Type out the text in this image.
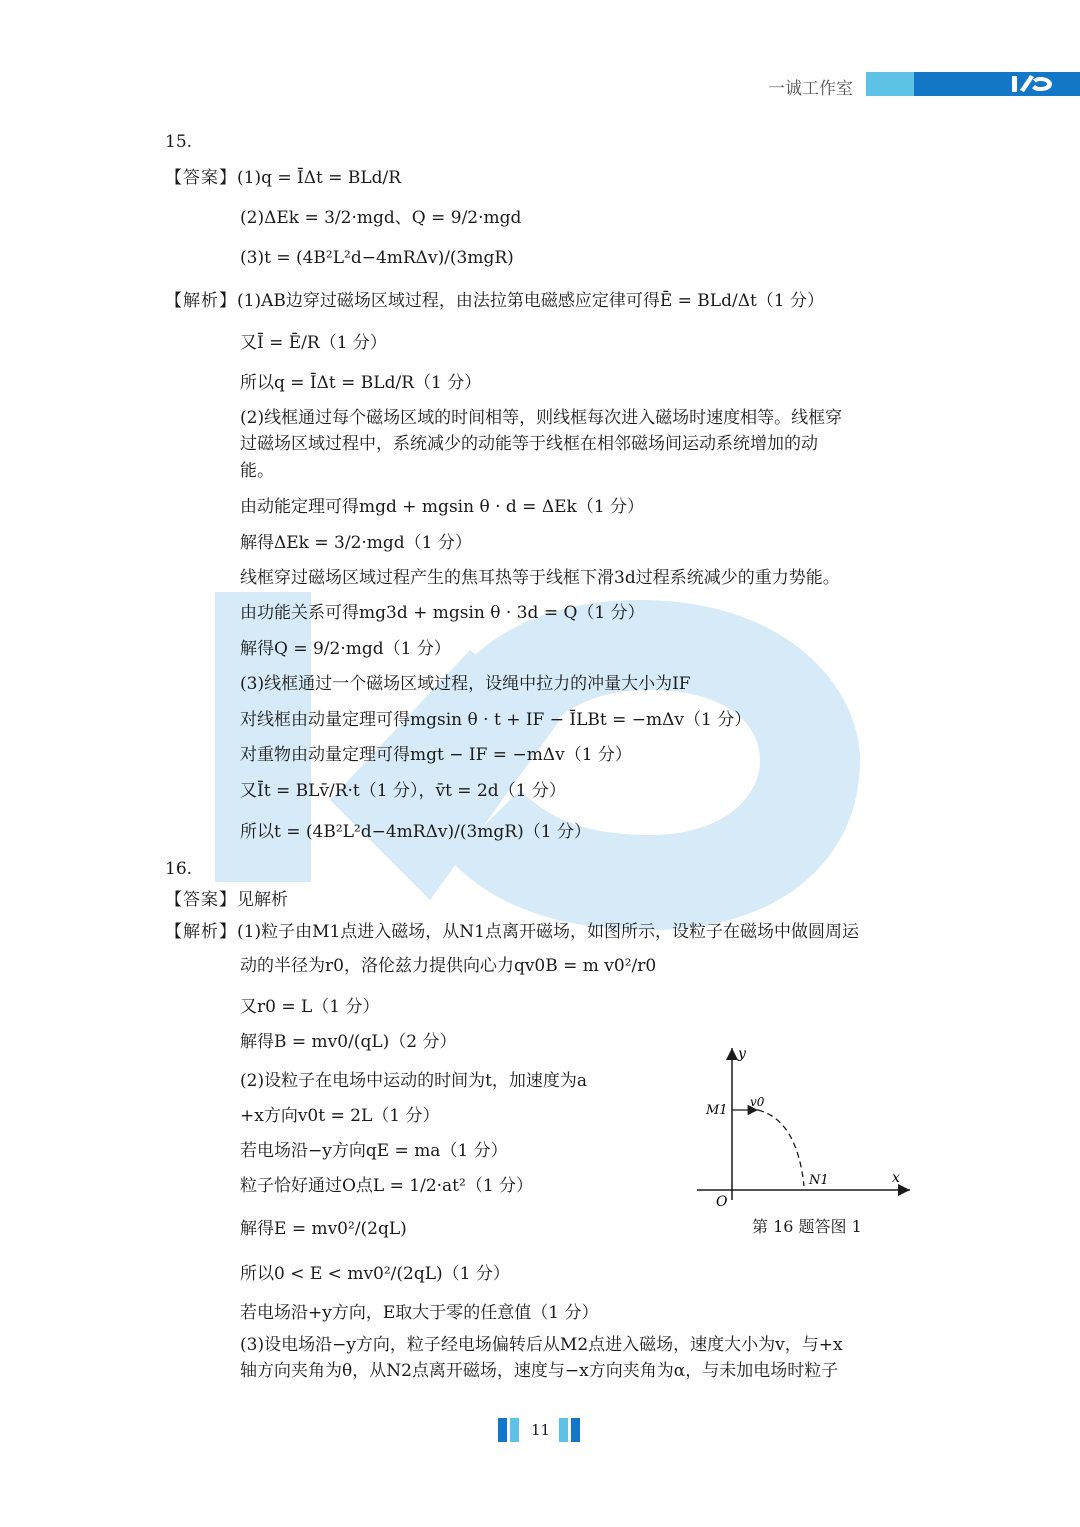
一诚工作室
15.
【答案】(1)q = ĪΔt = BLd/R
(2)ΔEk = 3/2·mgd、Q = 9/2·mgd
(3)t = (4B²L²d−4mRΔv)/(3mgR)
【解析】(1)AB边穿过磁场区域过程，由法拉第电磁感应定律可得Ē = BLd/Δt（1 分）
又Ī = Ē/R（1 分）
所以q = ĪΔt = BLd/R（1 分）
(2)线框通过每个磁场区域的时间相等，则线框每次进入磁场时速度相等。线框穿
过磁场区域过程中，系统减少的动能等于线框在相邻磁场间运动系统增加的动
能。
由动能定理可得mgd + mgsin θ · d = ΔEk（1 分）
解得ΔEk = 3/2·mgd（1 分）
线框穿过磁场区域过程产生的焦耳热等于线框下滑3d过程系统减少的重力势能。
由功能关系可得mg3d + mgsin θ · 3d = Q（1 分）
解得Q = 9/2·mgd（1 分）
(3)线框通过一个磁场区域过程，设绳中拉力的冲量大小为IF
对线框由动量定理可得mgsin θ · t + IF − ĪLBt = −mΔv（1 分）
对重物由动量定理可得mgt − IF = −mΔv（1 分）
又Īt = BLv̄/R·t（1 分），v̄t = 2d（1 分）
所以t = (4B²L²d−4mRΔv)/(3mgR)（1 分）
16.
【答案】见解析
【解析】(1)粒子由M1点进入磁场，从N1点离开磁场，如图所示，设粒子在磁场中做圆周运
动的半径为r0，洛伦兹力提供向心力qv0B = m v0²/r0
又r0 = L（1 分）
解得B = mv0/(qL)（2 分）
(2)设粒子在电场中运动的时间为t，加速度为a
+x方向v0t = 2L（1 分）
若电场沿−y方向qE = ma（1 分）
粒子恰好通过O点L = 1/2·at²（1 分）
解得E = mv0²/(2qL)
所以0 < E < mv0²/(2qL)（1 分）
若电场沿+y方向，E取大于零的任意值（1 分）
(3)设电场沿−y方向，粒子经电场偏转后从M2点进入磁场，速度大小为v，与+x
轴方向夹角为θ，从N2点离开磁场，速度与−x方向夹角为α，与未加电场时粒子
y
x
O
M1
v0
N1
第 16 题答图 1
11
